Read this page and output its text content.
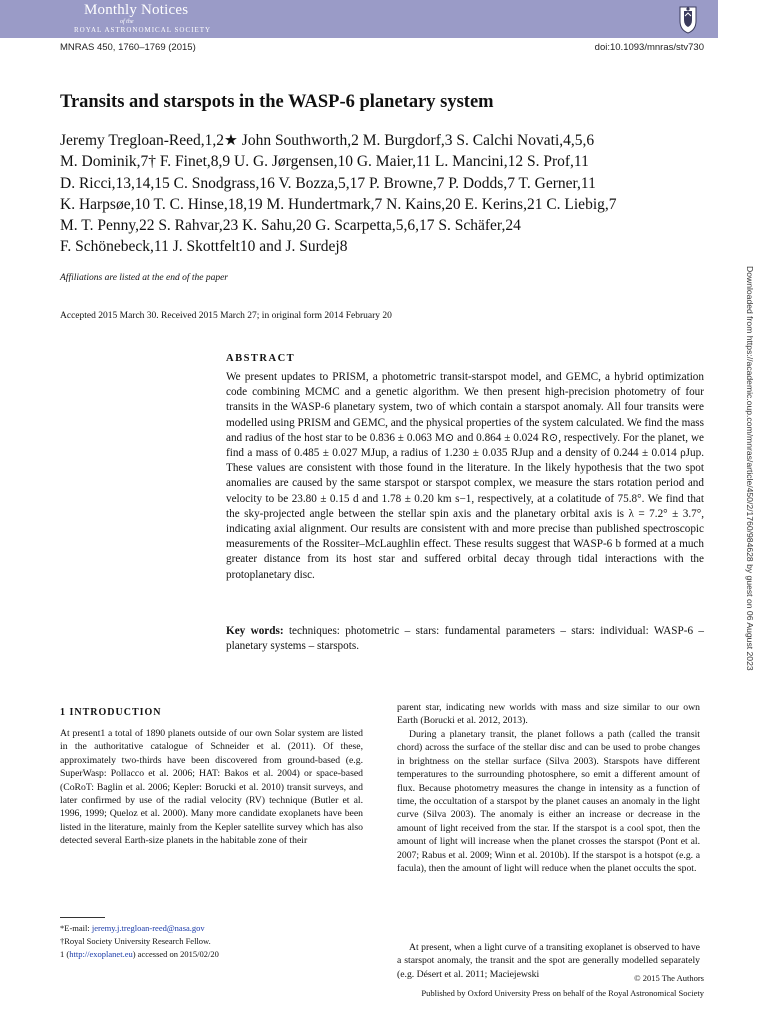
Monthly Notices
of the
ROYAL ASTRONOMICAL SOCIETY
MNRAS 450, 1760–1769 (2015)	doi:10.1093/mnras/stv730
Transits and starspots in the WASP-6 planetary system

Jeremy Tregloan-Reed,1,2★ John Southworth,2 M. Burgdorf,3 S. Calchi Novati,4,5,6
M. Dominik,7† F. Finet,8,9 U. G. Jørgensen,10 G. Maier,11 L. Mancini,12 S. Prof,11
D. Ricci,13,14,15 C. Snodgrass,16 V. Bozza,5,17 P. Browne,7 P. Dodds,7 T. Gerner,11
K. Harpsøe,10 T. C. Hinse,18,19 M. Hundertmark,7 N. Kains,20 E. Kerins,21 C. Liebig,7
M. T. Penny,22 S. Rahvar,23 K. Sahu,20 G. Scarpetta,5,6,17 S. Schäfer,24
F. Schönebeck,11 J. Skottfelt10 and J. Surdej8

Affiliations are listed at the end of the paper
Accepted 2015 March 30. Received 2015 March 27; in original form 2014 February 20
ABSTRACT

We present updates to PRISM, a photometric transit-starspot model, and GEMC, a hybrid optimization code combining MCMC and a genetic algorithm. We then present high-precision photometry of four transits in the WASP-6 planetary system, two of which contain a starspot anomaly. All four transits were modelled using PRISM and GEMC, and the physical properties of the system calculated. We find the mass and radius of the host star to be 0.836 ± 0.063 M⊙ and 0.864 ± 0.024 R⊙, respectively. For the planet, we find a mass of 0.485 ± 0.027 MJup, a radius of 1.230 ± 0.035 RJup and a density of 0.244 ± 0.014 ρJup. These values are consistent with those found in the literature. In the likely hypothesis that the two spot anomalies are caused by the same starspot or starspot complex, we measure the stars rotation period and velocity to be 23.80 ± 0.15 d and 1.78 ± 0.20 km s−1, respectively, at a colatitude of 75.8°. We find that the sky-projected angle between the stellar spin axis and the planetary orbital axis is λ = 7.2° ± 3.7°, indicating axial alignment. Our results are consistent with and more precise than published spectroscopic measurements of the Rossiter–McLaughlin effect. These results suggest that WASP-6 b formed at a much greater distance from its host star and suffered orbital decay through tidal interactions with the protoplanetary disc.

Key words: techniques: photometric – stars: fundamental parameters – stars: individual: WASP-6 – planetary systems – starspots.

1 INTRODUCTION

At present1 a total of 1890 planets outside of our own Solar system are listed in the authoritative catalogue of Schneider et al. (2011). Of these, approximately two-thirds have been discovered from ground-based (e.g. SuperWasp: Pollacco et al. 2006; HAT: Bakos et al. 2004) or space-based (CoRoT: Baglin et al. 2006; Kepler: Borucki et al. 2010) transit surveys, and later confirmed by use of the radial velocity (RV) technique (Butler et al. 1996, 1999; Queloz et al. 2000). Many more candidate exoplanets have been listed in the literature, mainly from the Kepler satellite survey which has also detected several Earth-size planets in the habitable zone of their

parent star, indicating new worlds with mass and size similar to our own Earth (Borucki et al. 2012, 2013).

During a planetary transit, the planet follows a path (called the transit chord) across the surface of the stellar disc and can be used to probe changes in brightness on the stellar surface (Silva 2003). Starspots have different temperatures to the surrounding photosphere, so emit a different amount of flux. Because photometry measures the change in intensity as a function of time, the occultation of a starspot by the planet causes an anomaly in the light curve (Silva 2003). The anomaly is either an increase or decrease in the amount of light received from the star. If the starspot is a cool spot, then the amount of light will increase when the planet crosses the starspot (Pont et al. 2007; Rabus et al. 2009; Winn et al. 2010b). If the starspot is a hotspot (e.g. a facula), then the amount of light will reduce when the planet occults the spot.

At present, when a light curve of a transiting exoplanet is observed to have a starspot anomaly, the transit and the spot are generally modelled separately (e.g. Désert et al. 2011; Maciejewski

*E-mail: jeremy.j.tregloan-reed@nasa.gov
†Royal Society University Research Fellow.
1 (http://exoplanet.eu) accessed on 2015/02/20
© 2015 The Authors
Published by Oxford University Press on behalf of the Royal Astronomical Society
Downloaded from https://academic.oup.com/mnras/article/450/2/1760/984628 by guest on 06 August 2023
